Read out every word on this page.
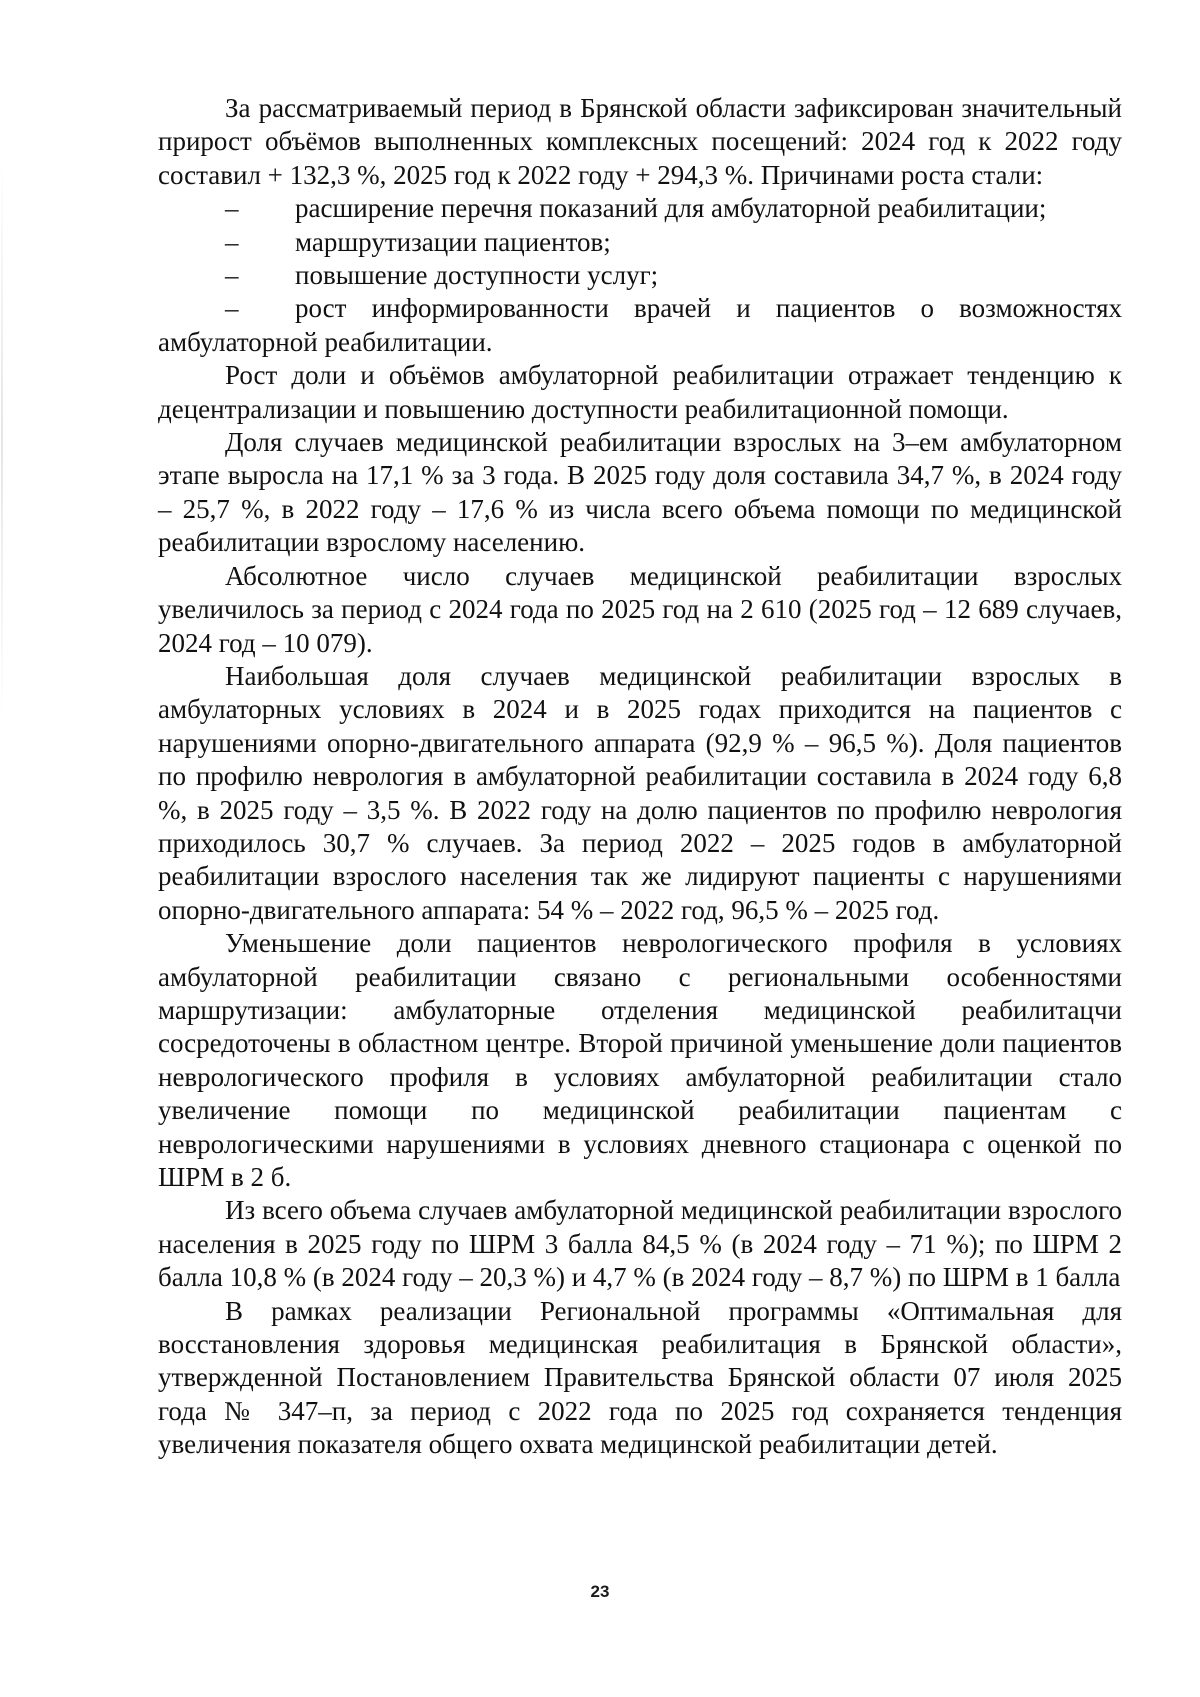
За рассматриваемый период в Брянской области зафиксирован значительный прирост объёмов выполненных комплексных посещений: 2024 год к 2022 году составил + 132,3 %, 2025 год к 2022 году + 294,3 %. Причинами роста стали:

– расширение перечня показаний для амбулаторной реабилитации;
– маршрутизации пациентов;
– повышение доступности услуг;
– рост информированности врачей и пациентов о возможностях амбулаторной реабилитации.

Рост доли и объёмов амбулаторной реабилитации отражает тенденцию к децентрализации и повышению доступности реабилитационной помощи.

Доля случаев медицинской реабилитации взрослых на 3–ем амбулаторном этапе выросла на 17,1 % за 3 года. В 2025 году доля составила 34,7 %, в 2024 году – 25,7 %, в 2022 году – 17,6 % из числа всего объема помощи по медицинской реабилитации взрослому населению.

Абсолютное число случаев медицинской реабилитации взрослых увеличилось за период с 2024 года по 2025 год на 2 610 (2025 год – 12 689 случаев, 2024 год – 10 079).

Наибольшая доля случаев медицинской реабилитации взрослых в амбулаторных условиях в 2024 и в 2025 годах приходится на пациентов с нарушениями опорно-двигательного аппарата (92,9 % – 96,5 %). Доля пациентов по профилю неврология в амбулаторной реабилитации составила в 2024 году 6,8 %, в 2025 году – 3,5 %. В 2022 году на долю пациентов по профилю неврология приходилось 30,7 % случаев. За период 2022 – 2025 годов в амбулаторной реабилитации взрослого населения так же лидируют пациенты с нарушениями опорно-двигательного аппарата: 54 % – 2022 год, 96,5 % – 2025 год.

Уменьшение доли пациентов неврологического профиля в условиях амбулаторной реабилитации связано с региональными особенностями маршрутизации: амбулаторные отделения медицинской реабилитацчи сосредоточены в областном центре. Второй причиной уменьшение доли пациентов неврологического профиля в условиях амбулаторной реабилитации стало увеличение помощи по медицинской реабилитации пациентам с неврологическими нарушениями в условиях дневного стационара с оценкой по ШРМ в 2 б.

Из всего объема случаев амбулаторной медицинской реабилитации взрослого населения в 2025 году по ШРМ 3 балла 84,5 % (в 2024 году – 71 %); по ШРМ 2 балла 10,8 % (в 2024 году – 20,3 %) и 4,7 % (в 2024 году – 8,7 %) по ШРМ в 1 балла

В рамках реализации Региональной программы «Оптимальная для восстановления здоровья медицинская реабилитация в Брянской области», утвержденной Постановлением Правительства Брянской области 07 июля 2025 года № 347–п, за период с 2022 года по 2025 год сохраняется тенденция увеличения показателя общего охвата медицинской реабилитации детей.

23
